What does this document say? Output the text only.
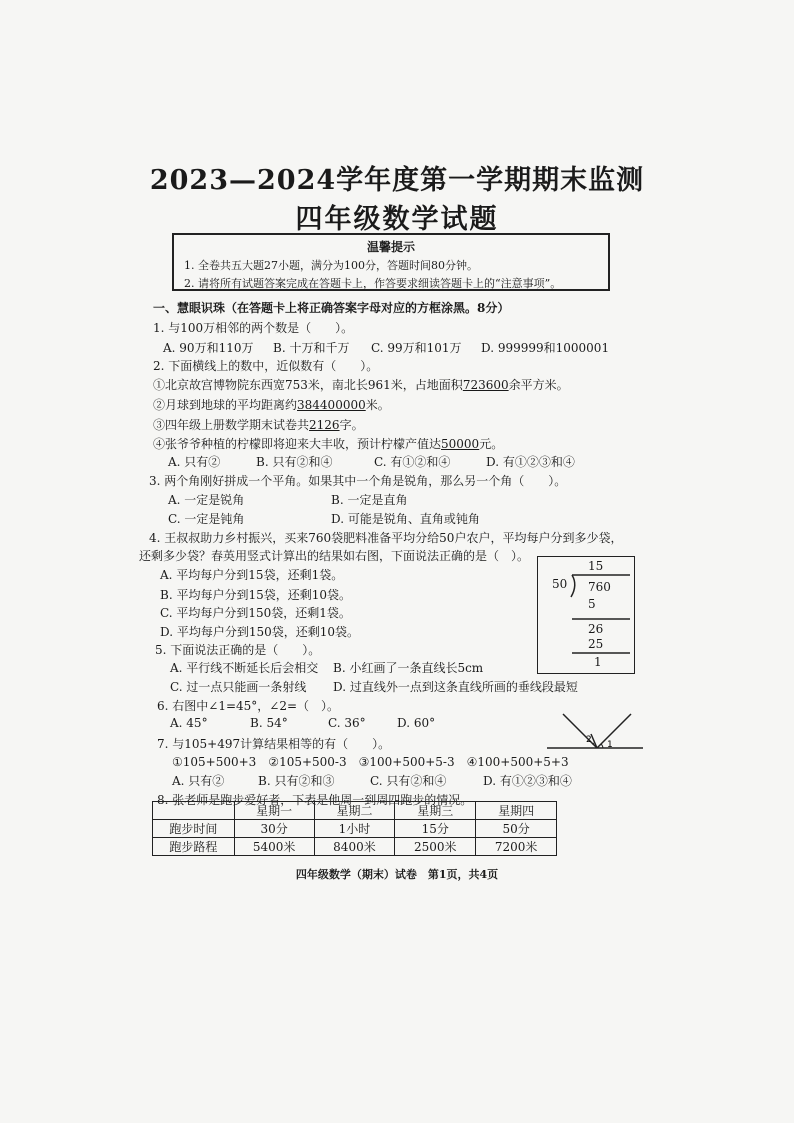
2023—2024学年度第一学期期末监测
四年级数学试题
温馨提示
1. 全卷共五大题27小题，满分为100分，答题时间80分钟。
2. 请将所有试题答案完成在答题卡上，作答要求细读答题卡上的“注意事项”。
一、慧眼识珠（在答题卡上将正确答案字母对应的方框涂黑。8分）
1. 与100万相邻的两个数是（　　）。
A. 90万和110万 B. 十万和千万 C. 99万和101万 D. 999999和1000001
2. 下面横线上的数中，近似数有（　　）。
①北京故宫博物院东西宽753米，南北长961米，占地面积723600余平方米。
②月球到地球的平均距离约384400000米。
③四年级上册数学期末试卷共2126字。
④张爷爷种植的柠檬即将迎来大丰收，预计柠檬产值达50000元。
A. 只有②	B. 只有②和④	C. 有①②和④	D. 有①②③和④
3. 两个角刚好拼成一个平角。如果其中一个角是锐角，那么另一个角（　　）。
A. 一定是锐角	B. 一定是直角
C. 一定是钝角	D. 可能是锐角、直角或钝角
4. 王叔叔助力乡村振兴，买来760袋肥料准备平均分给50户农户，平均每户分到多少袋，
还剩多少袋？春英用竖式计算出的结果如右图，下面说法正确的是（　）。
A. 平均每户分到15袋，还剩1袋。
B. 平均每户分到15袋，还剩10袋。
C. 平均每户分到150袋，还剩1袋。
D. 平均每户分到150袋，还剩10袋。
15
50 760
5
26
25
1
5. 下面说法正确的是（　　）。
A. 平行线不断延长后会相交 B. 小红画了一条直线长5cm
C. 过一点只能画一条射线 D. 过直线外一点到这条直线所画的垂线段最短
6. 右图中∠1=45°，∠2=（　）。
A. 45°	B. 54°	C. 36°	D. 60°
2 1
7. 与105+497计算结果相等的有（　　）。
①105+500+3　②105+500-3　③100+500+5-3　④100+500+5+3
A. 只有②	B. 只有②和③	C. 只有②和④	D. 有①②③和④
8. 张老师是跑步爱好者，下表是他周一到周四跑步的情况。
	星期一	星期二	星期三	星期四
跑步时间	30分	1小时	15分	50分
跑步路程	5400米	8400米	2500米	7200米
四年级数学（期末）试卷　第1页，共4页
